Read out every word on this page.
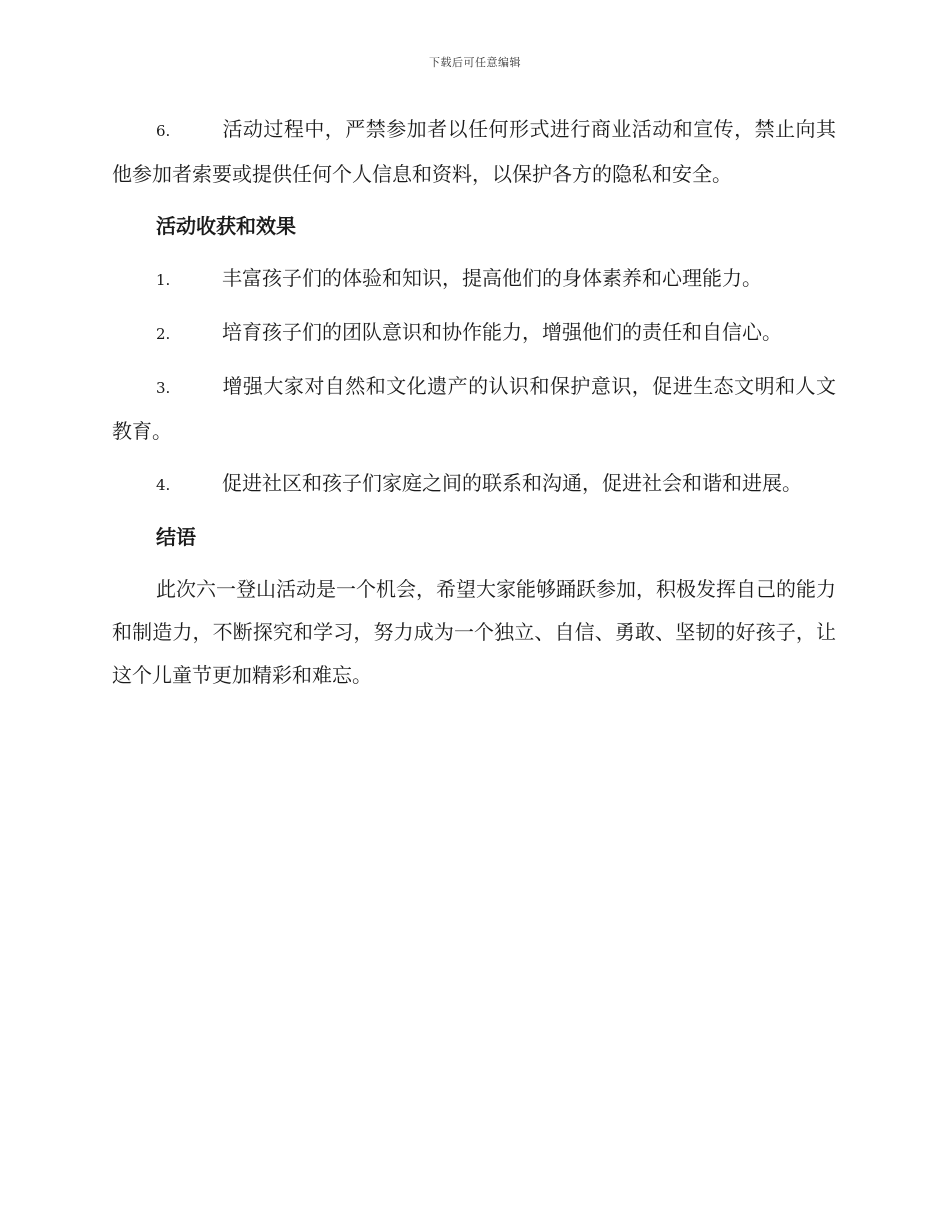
下载后可任意编辑

6.	活动过程中，严禁参加者以任何形式进行商业活动和宣传，禁止向其他参加者索要或提供任何个人信息和资料，以保护各方的隐私和安全。

活动收获和效果

1.	丰富孩子们的体验和知识，提高他们的身体素养和心理能力。

2.	培育孩子们的团队意识和协作能力，增强他们的责任和自信心。

3.	增强大家对自然和文化遗产的认识和保护意识，促进生态文明和人文教育。

4.	促进社区和孩子们家庭之间的联系和沟通，促进社会和谐和进展。

结语

此次六一登山活动是一个机会，希望大家能够踊跃参加，积极发挥自己的能力和制造力，不断探究和学习，努力成为一个独立、自信、勇敢、坚韧的好孩子，让这个儿童节更加精彩和难忘。
